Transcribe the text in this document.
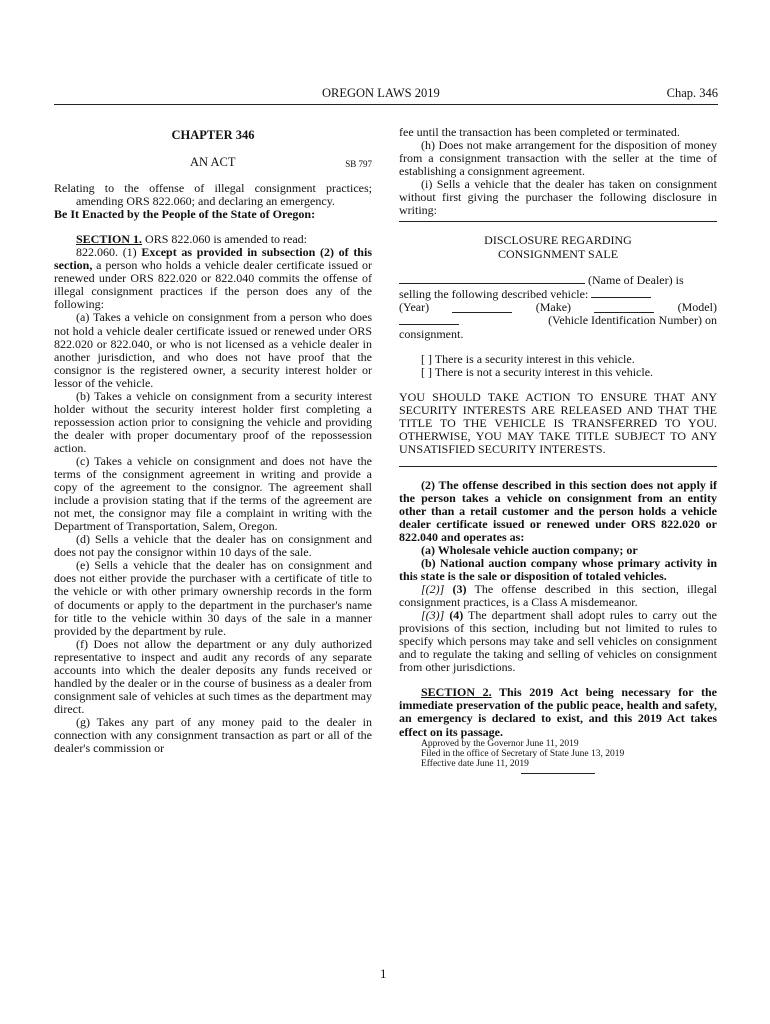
OREGON LAWS 2019	Chap. 346

CHAPTER 346

AN ACT	SB 797

Relating to the offense of illegal consignment practices; amending ORS 822.060; and declaring an emergency.

Be It Enacted by the People of the State of Oregon:

SECTION 1. ORS 822.060 is amended to read:

822.060. (1) Except as provided in subsection (2) of this section, a person who holds a vehicle dealer certificate issued or renewed under ORS 822.020 or 822.040 commits the offense of illegal consignment practices if the person does any of the following:

(a) Takes a vehicle on consignment from a person who does not hold a vehicle dealer certificate issued or renewed under ORS 822.020 or 822.040, or who is not licensed as a vehicle dealer in another jurisdiction, and who does not have proof that the consignor is the registered owner, a security interest holder or lessor of the vehicle.

(b) Takes a vehicle on consignment from a security interest holder without the security interest holder first completing a repossession action prior to consigning the vehicle and providing the dealer with proper documentary proof of the repossession action.

(c) Takes a vehicle on consignment and does not have the terms of the consignment agreement in writing and provide a copy of the agreement to the consignor. The agreement shall include a provision stating that if the terms of the agreement are not met, the consignor may file a complaint in writing with the Department of Transportation, Salem, Oregon.

(d) Sells a vehicle that the dealer has on consignment and does not pay the consignor within 10 days of the sale.

(e) Sells a vehicle that the dealer has on consignment and does not either provide the purchaser with a certificate of title to the vehicle or with other primary ownership records in the form of documents or apply to the department in the purchaser's name for title to the vehicle within 30 days of the sale in a manner provided by the department by rule.

(f) Does not allow the department or any duly authorized representative to inspect and audit any records of any separate accounts into which the dealer deposits any funds received or handled by the dealer or in the course of business as a dealer from consignment sale of vehicles at such times as the department may direct.

(g) Takes any part of any money paid to the dealer in connection with any consignment transaction as part or all of the dealer's commission or

fee until the transaction has been completed or terminated.

(h) Does not make arrangement for the disposition of money from a consignment transaction with the seller at the time of establishing a consignment agreement.

(i) Sells a vehicle that the dealer has taken on consignment without first giving the purchaser the following disclosure in writing:

DISCLOSURE REGARDING

CONSIGNMENT SALE

(Name of Dealer) is

selling the following described vehicle:

(Year)	(Make)	(Model)

(Vehicle Identification Number) on

consignment.

[ ] There is a security interest in this vehicle.

[ ] There is not a security interest in this vehicle.

YOU SHOULD TAKE ACTION TO ENSURE THAT ANY SECURITY INTERESTS ARE RELEASED AND THAT THE TITLE TO THE VEHICLE IS TRANSFERRED TO YOU. OTHERWISE, YOU MAY TAKE TITLE SUBJECT TO ANY UNSATISFIED SECURITY INTERESTS.

(2) The offense described in this section does not apply if the person takes a vehicle on consignment from an entity other than a retail customer and the person holds a vehicle dealer certificate issued or renewed under ORS 822.020 or 822.040 and operates as:

(a) Wholesale vehicle auction company; or

(b) National auction company whose primary activity in this state is the sale or disposition of totaled vehicles.

[(2)] (3) The offense described in this section, illegal consignment practices, is a Class A misdemeanor.

[(3)] (4) The department shall adopt rules to carry out the provisions of this section, including but not limited to rules to specify which persons may take and sell vehicles on consignment and to regulate the taking and selling of vehicles on consignment from other jurisdictions.

SECTION 2. This 2019 Act being necessary for the immediate preservation of the public peace, health and safety, an emergency is declared to exist, and this 2019 Act takes effect on its passage.

Approved by the Governor June 11, 2019

Filed in the office of Secretary of State June 13, 2019

Effective date June 11, 2019

1
